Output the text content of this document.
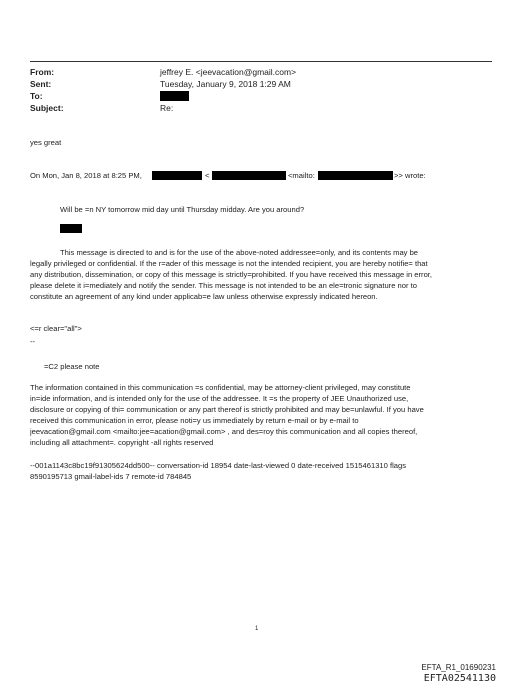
From:	jeffrey E. <jeevacation@gmail.com>
Sent:	Tuesday, January 9, 2018 1:29 AM
To:
Subject:	Re:
yes great
On Mon, Jan 8, 2018 at 8:25 PM,	<	<mailto:	>> wrote:
Will be =n NY tomorrow mid day until Thursday midday. Are you around?
This message is directed to and is for the use of the above-noted addressee=only, and its contents may be
legally privileged or confidential. If the r=ader of this message is not the intended recipient, you are hereby notifie= that
any distribution, dissemination, or copy of this message is strictly=prohibited. If you have received this message in error,
please delete it i=mediately and notify the sender. This message is not intended to be an ele=tronic signature nor to
constitute an agreement of any kind under applicab=e law unless otherwise expressly indicated hereon.
<=r clear="all">
--
=C2 please note
The information contained in this communication =s confidential, may be attorney-client privileged, may constitute
in=ide information, and is intended only for the use of the addressee. It =s the property of JEE Unauthorized use,
disclosure or copying of thi= communication or any part thereof is strictly prohibited and may be=unlawful. If you have
received this communication in error, please noti=y us immediately by return e-mail or by e-mail to
jeevacation@gmail.com <mailto:jee=acation@gmail.com> , and des=roy this communication and all copies thereof,
including all attachment=. copyright -all rights reserved
--001a1143c8bc19f91305624dd500-- conversation-id 18954 date-last-viewed 0 date-received 1515461310 flags
8590195713 gmail-label-ids 7 remote-id 784845
1
EFTA_R1_01690231
EFTA02541130
